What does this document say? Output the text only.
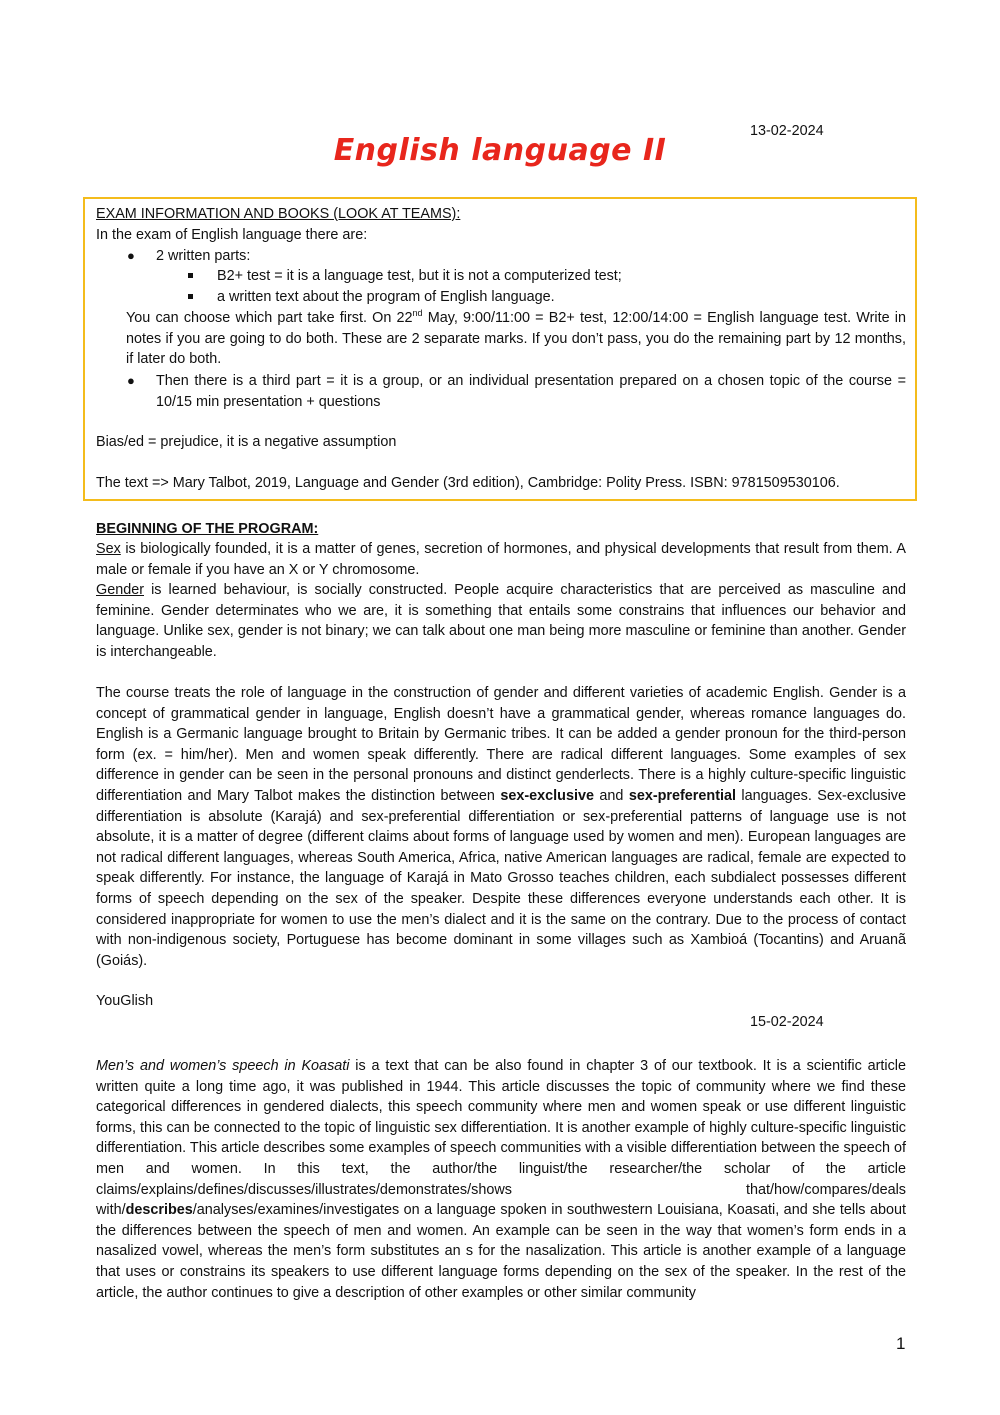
13-02-2024
English language II
EXAM INFORMATION AND BOOKS (LOOK AT TEAMS):
In the exam of English language there are:
● 2 written parts:
B2+ test = it is a language test, but it is not a computerized test;
a written text about the program of English language.

You can choose which part take first. On 22nd May, 9:00/11:00 = B2+ test, 12:00/14:00 = English language test. Write in notes if you are going to do both. These are 2 separate marks. If you don’t pass, you do the remaining part by 12 months, if later do both.

● Then there is a third part = it is a group, or an individual presentation prepared on a chosen topic of the course = 10/15 min presentation + questions

Bias/ed = prejudice, it is a negative assumption
The text => Mary Talbot, 2019, Language and Gender (3rd edition), Cambridge: Polity Press. ISBN: 9781509530106.
BEGINNING OF THE PROGRAM:

Sex is biologically founded, it is a matter of genes, secretion of hormones, and physical developments that result from them. A male or female if you have an X or Y chromosome.

Gender is learned behaviour, is socially constructed. People acquire characteristics that are perceived as masculine and feminine. Gender determinates who we are, it is something that entails some constrains that influences our behavior and language. Unlike sex, gender is not binary; we can talk about one man being more masculine or feminine than another. Gender is interchangeable.

The course treats the role of language in the construction of gender and different varieties of academic English. Gender is a concept of grammatical gender in language, English doesn’t have a grammatical gender, whereas romance languages do. English is a Germanic language brought to Britain by Germanic tribes. It can be added a gender pronoun for the third-person form (ex. = him/her). Men and women speak differently. There are radical different languages. Some examples of sex difference in gender can be seen in the personal pronouns and distinct genderlects. There is a highly culture-specific linguistic differentiation and Mary Talbot makes the distinction between sex-exclusive and sex-preferential languages. Sex-exclusive differentiation is absolute (Karajá) and sex-preferential differentiation or sex-preferential patterns of language use is not absolute, it is a matter of degree (different claims about forms of language used by women and men). European languages are not radical different languages, whereas South America, Africa, native American languages are radical, female are expected to speak differently. For instance, the language of Karajá in Mato Grosso teaches children, each subdialect possesses different forms of speech depending on the sex of the speaker. Despite these differences everyone understands each other. It is considered inappropriate for women to use the men’s dialect and it is the same on the contrary. Due to the process of contact with non-indigenous society, Portuguese has become dominant in some villages such as Xambioá (Tocantins) and Aruanã (Goiás).

YouGlish
15-02-2024

Men’s and women’s speech in Koasati is a text that can be also found in chapter 3 of our textbook. It is a scientific article written quite a long time ago, it was published in 1944. This article discusses the topic of community where we find these categorical differences in gendered dialects, this speech community where men and women speak or use different linguistic forms, this can be connected to the topic of linguistic sex differentiation. It is another example of highly culture-specific linguistic differentiation. This article describes some examples of speech communities with a visible differentiation between the speech of men and women. In this text, the author/the linguist/the researcher/the scholar of the article claims/explains/defines/discusses/illustrates/demonstrates/shows that/how/compares/deals with/describes/analyses/examines/investigates on a language spoken in southwestern Louisiana, Koasati, and she tells about the differences between the speech of men and women. An example can be seen in the way that women’s form ends in a nasalized vowel, whereas the men’s form substitutes an s for the nasalization. This article is another example of a language that uses or constrains its speakers to use different language forms depending on the sex of the speaker. In the rest of the article, the author continues to give a description of other examples or other similar community

1
